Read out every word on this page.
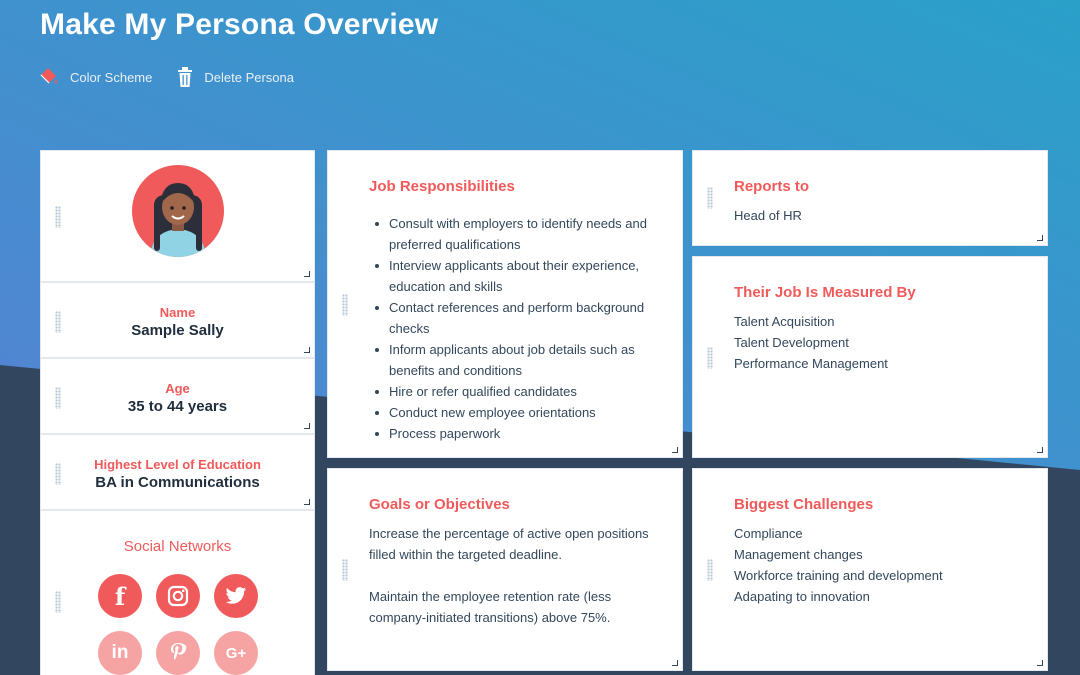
Make My Persona Overview
Color Scheme	Delete Persona
Name
Sample Sally
Age
35 to 44 years
Highest Level of Education
BA in Communications
Social Networks
f
in	G+
Job Responsibilities
Consult with employers to identify needs and preferred qualifications
Interview applicants about their experience, education and skills
Contact references and perform background checks
Inform applicants about job details such as benefits and conditions
Hire or refer qualified candidates
Conduct new employee orientations
Process paperwork
Goals or Objectives

Increase the percentage of active open positions filled within the targeted deadline.

Maintain the employee retention rate (less company-initiated transitions) above 75%.

Reports to
Head of HR
Their Job Is Measured By
Talent Acquisition
Talent Development
Performance Management
Biggest Challenges
Compliance
Management changes
Workforce training and development
Adapating to innovation
